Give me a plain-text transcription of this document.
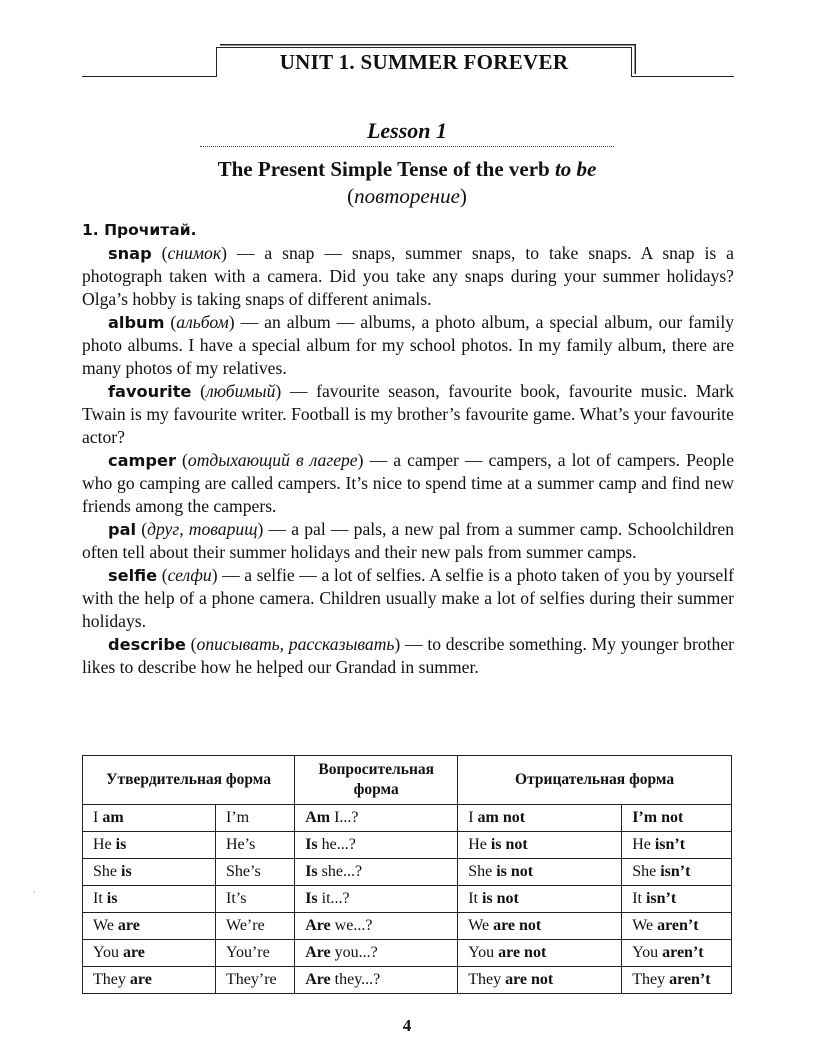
UNIT 1. SUMMER FOREVER
Lesson 1
The Present Simple Tense of the verb to be
(повторение)

1. Прочитай.

snap (снимок) — a snap — snaps, summer snaps, to take snaps. A snap is a photograph taken with a camera. Did you take any snaps during your summer holidays? Olga’s hobby is taking snaps of different animals.

album (альбом) — an album — albums, a photo album, a special album, our family photo albums. I have a special album for my school photos. In my family album, there are many photos of my relatives.

favourite (любимый) — favourite season, favourite book, favourite music. Mark Twain is my favourite writer. Football is my brother’s favourite game. What’s your favourite actor?

camper (отдыхающий в лагере) — a camper — campers, a lot of campers. People who go camping are called campers. It’s nice to spend time at a summer camp and find new friends among the campers.

pal (друг, товарищ) — a pal — pals, a new pal from a summer camp. Schoolchildren often tell about their summer holidays and their new pals from summer camps.

selfie (селфи) — a selfie — a lot of selfies. A selfie is a photo taken of you by yourself with the help of a phone camera. Children usually make a lot of selfies during their summer holidays.

describe (описывать, рассказывать) — to describe something. My younger brother likes to describe how he helped our Grandad in summer.

Утвердительная форма		Вопросительная форма	Отрицательная форма	
I am	I’m	Am I...?	I am not	I’m not
He is	He’s	Is he...?	He is not	He isn’t
She is	She’s	Is she...?	She is not	She isn’t
It is	It’s	Is it...?	It is not	It isn’t
We are	We’re	Are we...?	We are not	We aren’t
You are	You’re	Are you...?	You are not	You aren’t
They are	They’re	Are they...?	They are not	They aren’t
ˏ
4
